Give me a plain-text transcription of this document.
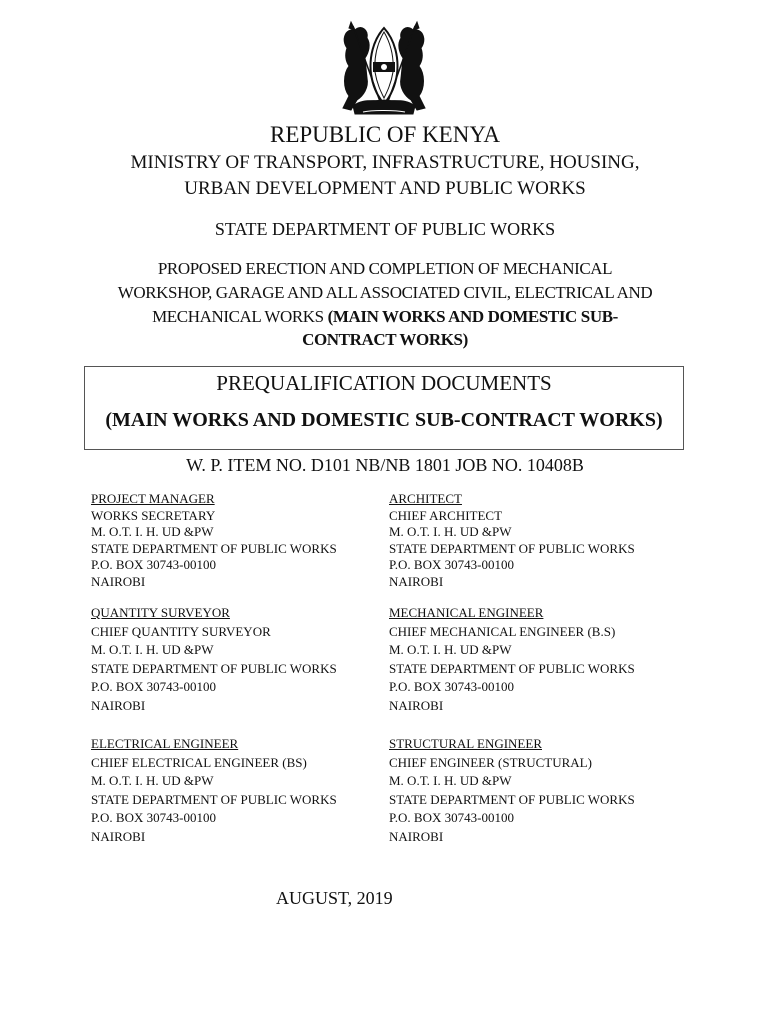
REPUBLIC OF KENYA
MINISTRY OF TRANSPORT, INFRASTRUCTURE, HOUSING,
URBAN DEVELOPMENT AND PUBLIC WORKS
STATE DEPARTMENT OF PUBLIC WORKS
PROPOSED ERECTION AND COMPLETION OF MECHANICAL
WORKSHOP, GARAGE AND ALL ASSOCIATED CIVIL, ELECTRICAL AND
MECHANICAL WORKS (MAIN WORKS AND DOMESTIC SUB-
CONTRACT WORKS)
PREQUALIFICATION DOCUMENTS
(MAIN WORKS AND DOMESTIC SUB-CONTRACT WORKS)
W. P. ITEM NO. D101 NB/NB 1801 JOB NO. 10408B
PROJECT MANAGER
WORKS SECRETARY
M. O.T. I. H. UD &PW
STATE DEPARTMENT OF PUBLIC WORKS
P.O. BOX 30743-00100
NAIROBI
ARCHITECT
CHIEF ARCHITECT
M. O.T. I. H. UD &PW
STATE DEPARTMENT OF PUBLIC WORKS
P.O. BOX 30743-00100
NAIROBI
QUANTITY SURVEYOR
CHIEF QUANTITY SURVEYOR
M. O.T. I. H. UD &PW
STATE DEPARTMENT OF PUBLIC WORKS
P.O. BOX 30743-00100
NAIROBI
MECHANICAL ENGINEER
CHIEF MECHANICAL ENGINEER (B.S)
M. O.T. I. H. UD &PW
STATE DEPARTMENT OF PUBLIC WORKS
P.O. BOX 30743-00100
NAIROBI
ELECTRICAL ENGINEER
CHIEF ELECTRICAL ENGINEER (BS)
M. O.T. I. H. UD &PW
STATE DEPARTMENT OF PUBLIC WORKS
P.O. BOX 30743-00100
NAIROBI
STRUCTURAL ENGINEER
CHIEF ENGINEER (STRUCTURAL)
M. O.T. I. H. UD &PW
STATE DEPARTMENT OF PUBLIC WORKS
P.O. BOX 30743-00100
NAIROBI
AUGUST, 2019
